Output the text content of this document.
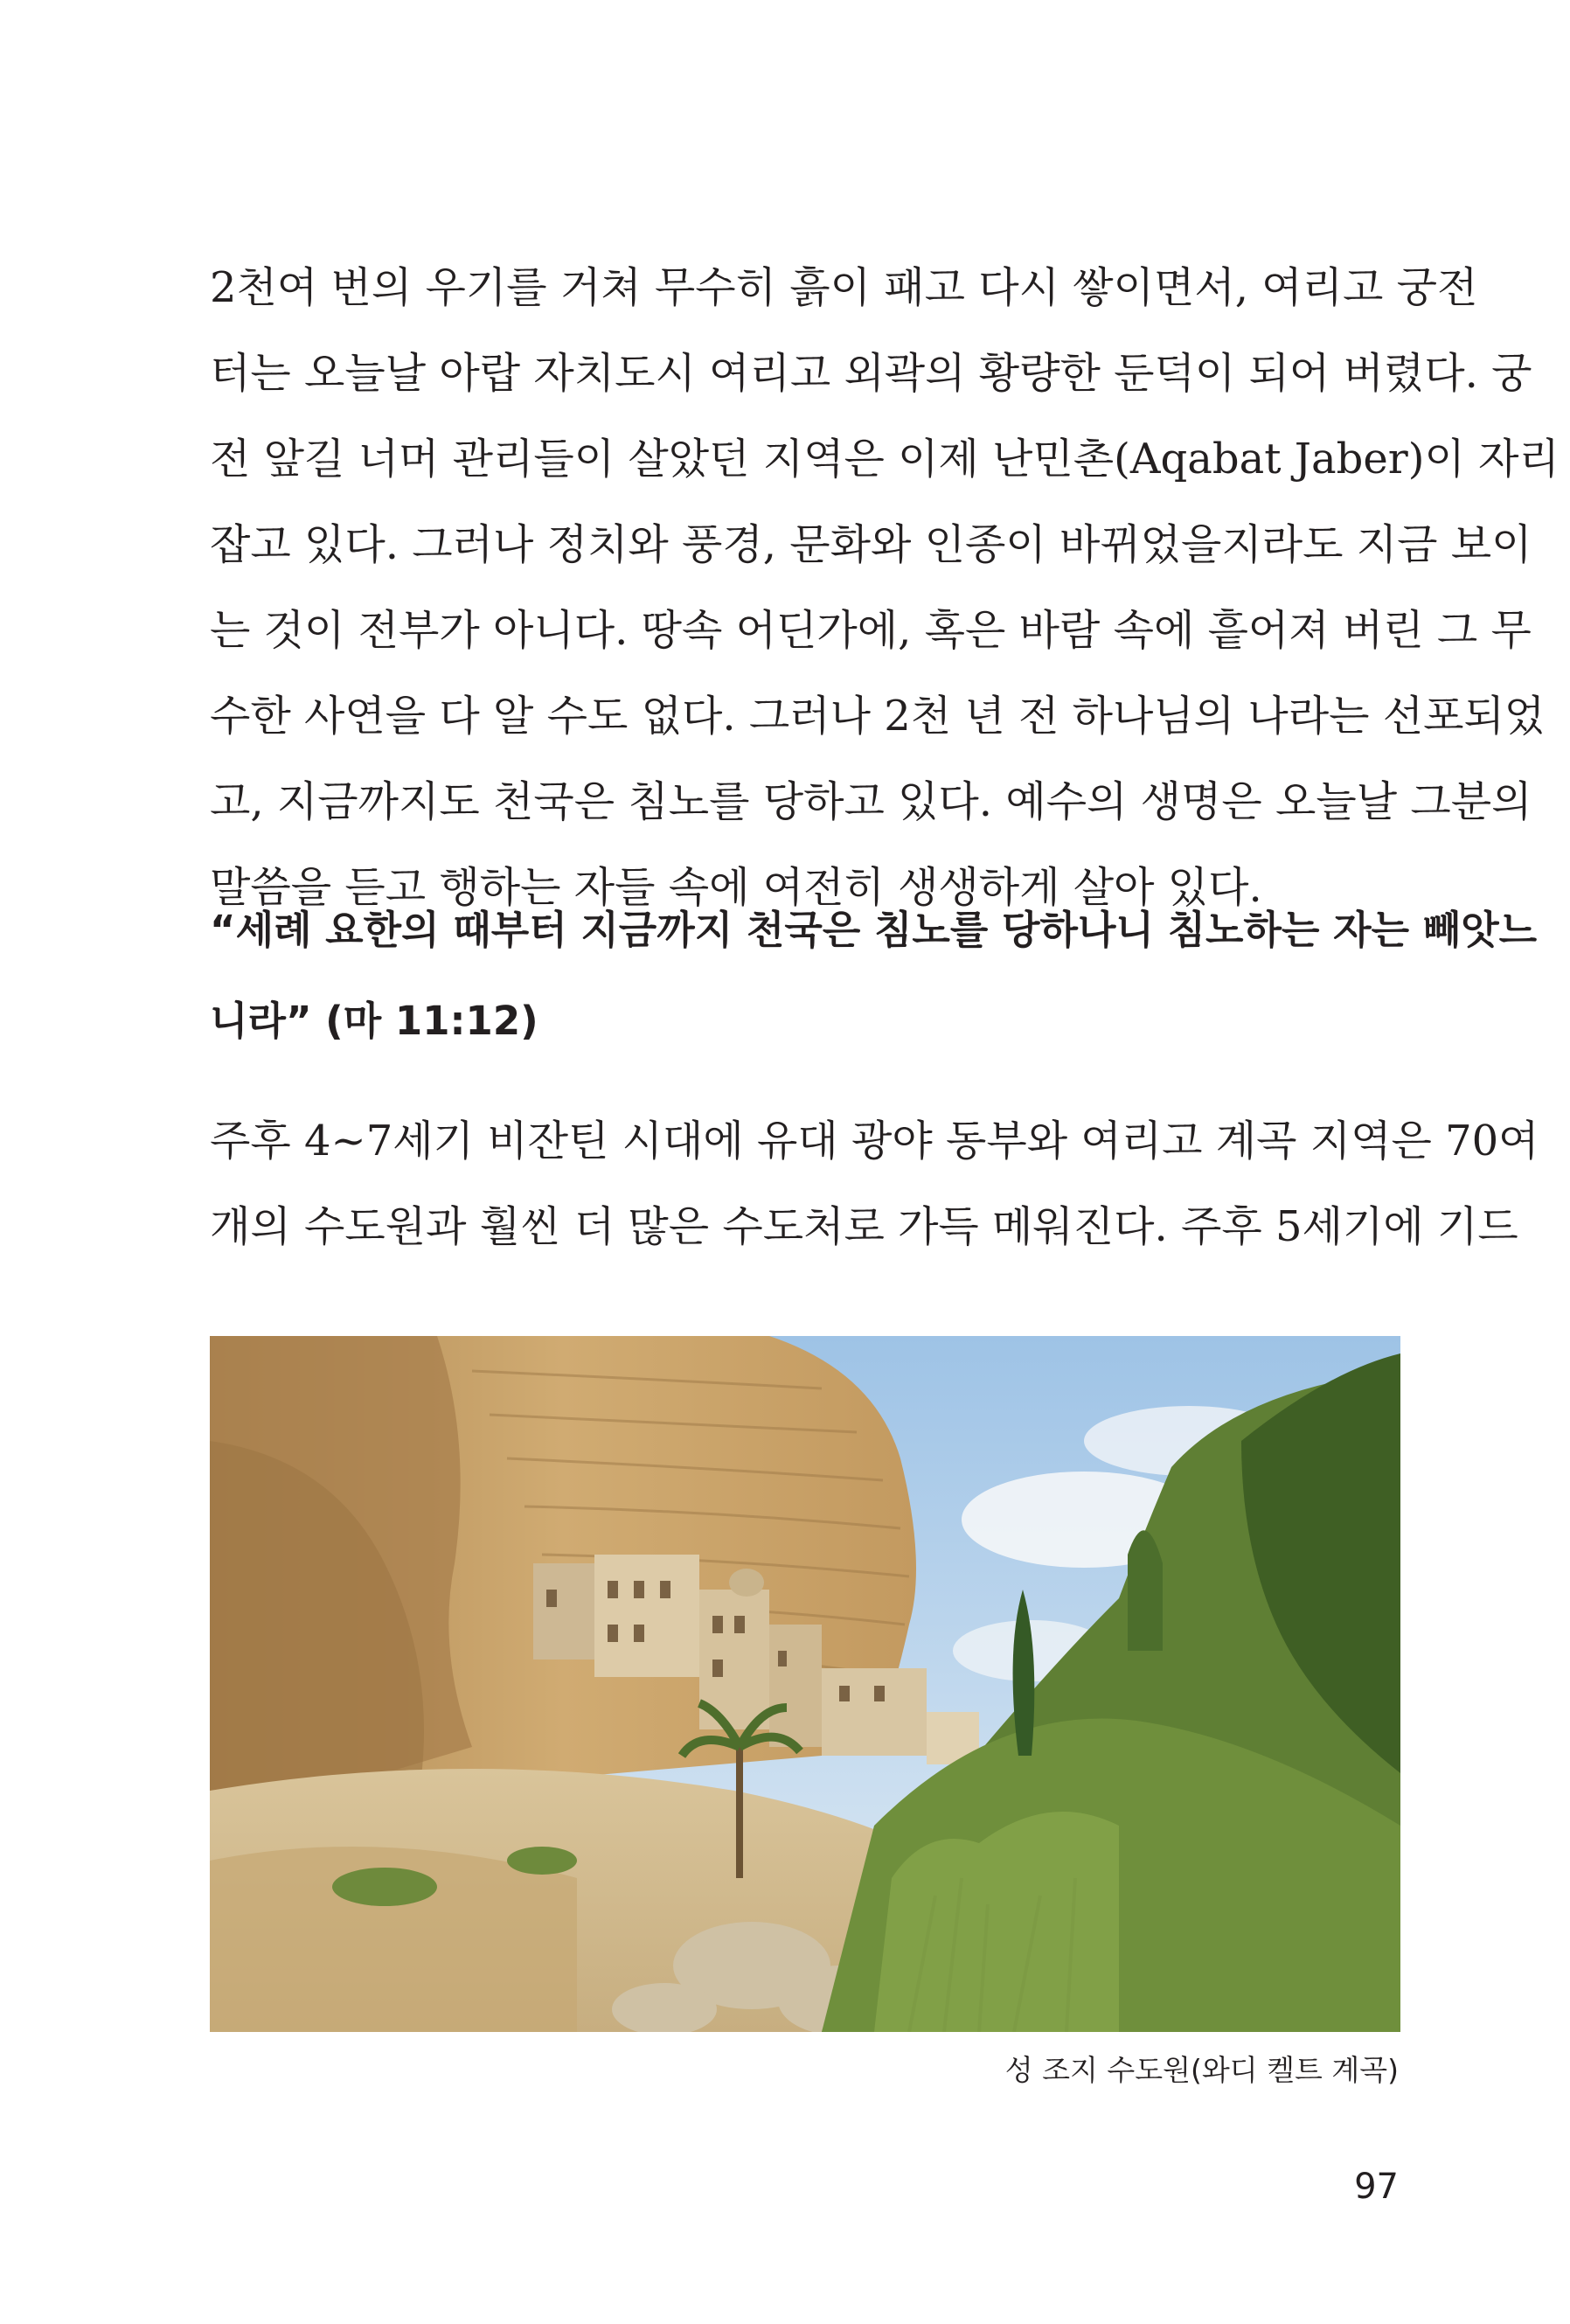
2천여 번의 우기를 거쳐 무수히 흙이 패고 다시 쌓이면서, 여리고 궁전
터는 오늘날 아랍 자치도시 여리고 외곽의 황량한 둔덕이 되어 버렸다. 궁
전 앞길 너머 관리들이 살았던 지역은 이제 난민촌(Aqabat Jaber)이 자리
잡고 있다. 그러나 정치와 풍경, 문화와 인종이 바뀌었을지라도 지금 보이
는 것이 전부가 아니다. 땅속 어딘가에, 혹은 바람 속에 흩어져 버린 그 무
수한 사연을 다 알 수도 없다. 그러나 2천 년 전 하나님의 나라는 선포되었
고, 지금까지도 천국은 침노를 당하고 있다. 예수의 생명은 오늘날 그분의
말씀을 듣고 행하는 자들 속에 여전히 생생하게 살아 있다.
“세례 요한의 때부터 지금까지 천국은 침노를 당하나니 침노하는 자는 빼앗느
니라” (마 11:12)
주후 4~7세기 비잔틴 시대에 유대 광야 동부와 여리고 계곡 지역은 70여
개의 수도원과 훨씬 더 많은 수도처로 가득 메워진다. 주후 5세기에 기드
성 조지 수도원(와디 켈트 계곡)
97
